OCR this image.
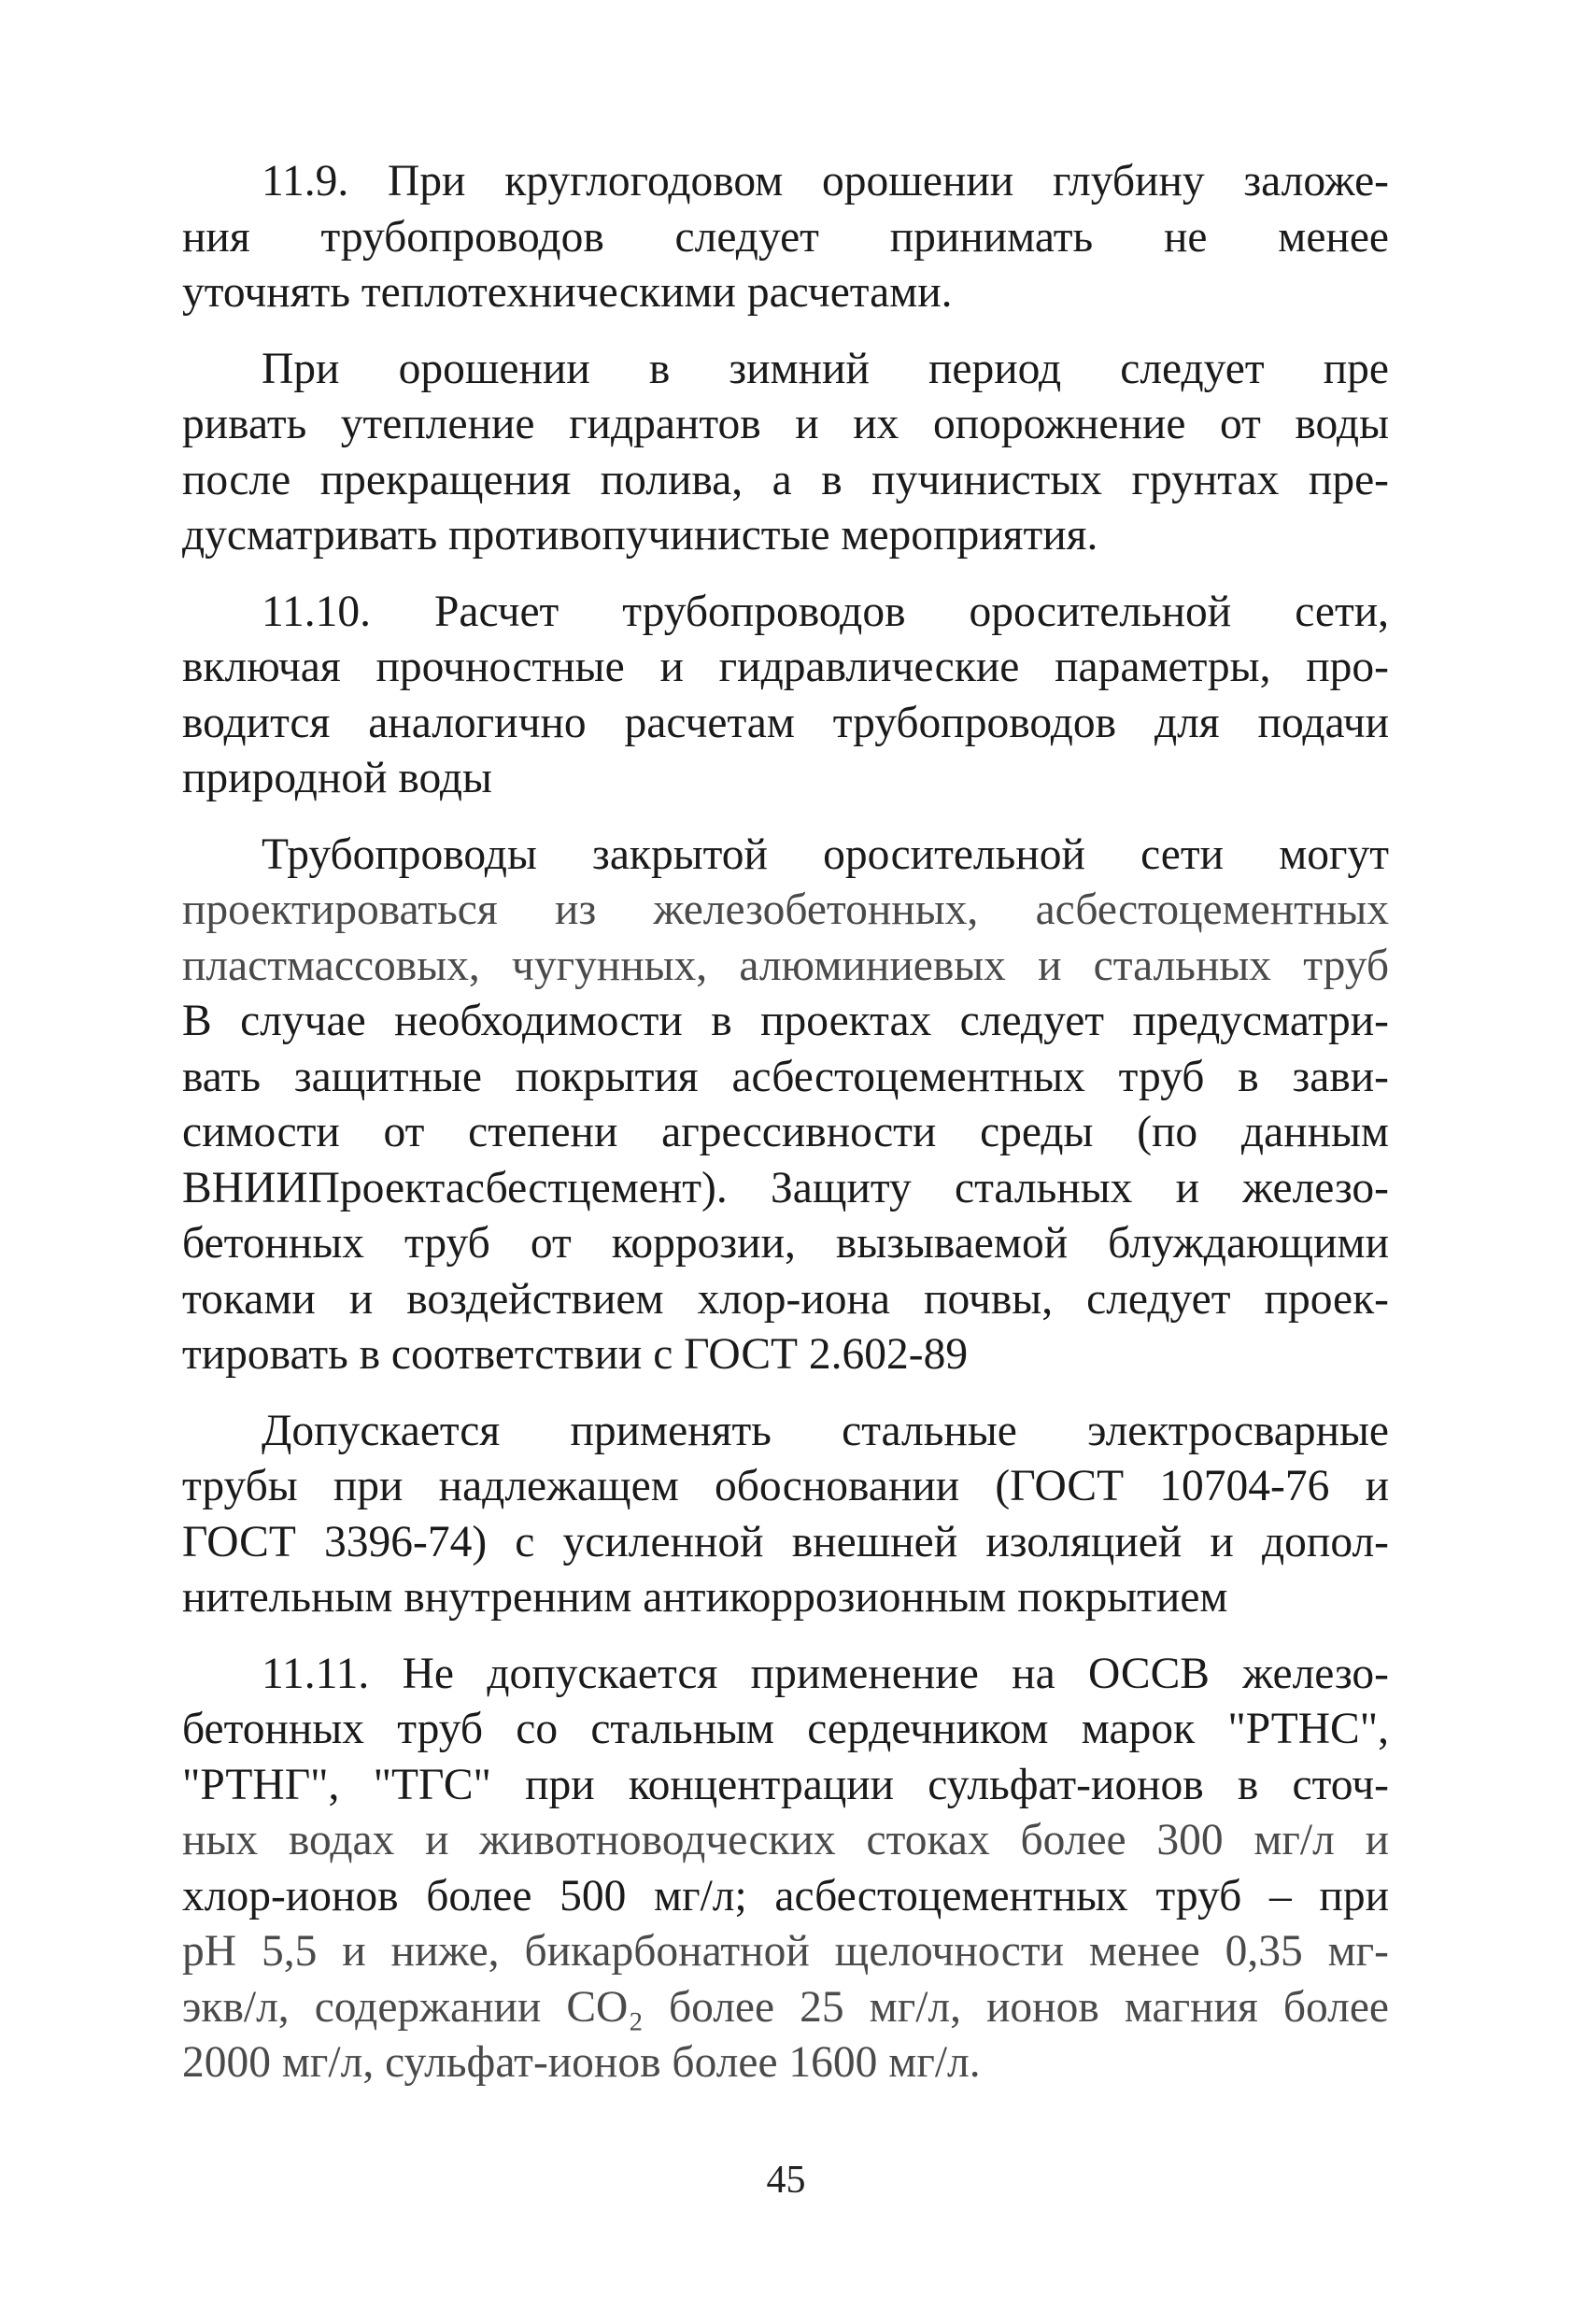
11.9. При круглогодовом орошении глубину заложе-
ния трубопроводов следует принимать не менее
уточнять теплотехническими расчетами.

При орошении в зимний период следует пре
ривать утепление гидрантов и их опорожнение от воды
после прекращения полива, а в пучинистых грунтах пре-
дусматривать противопучинистые мероприятия.

11.10. Расчет трубопроводов оросительной сети,
включая прочностные и гидравлические параметры, про-
водится аналогично расчетам трубопроводов для подачи
природной воды

Трубопроводы закрытой оросительной сети могут
проектироваться из железобетонных, асбестоцементных
пластмассовых, чугунных, алюминиевых и стальных труб
В случае необходимости в проектах следует предусматри-
вать защитные покрытия асбестоцементных труб в зави-
симости от степени агрессивности среды (по данным
ВНИИПроектасбестцемент). Защиту стальных и железо-
бетонных труб от коррозии, вызываемой блуждающими
токами и воздействием хлор-иона почвы, следует проек-
тировать в соответствии с ГОСТ 2.602-89

Допускается применять стальные электросварные
трубы при надлежащем обосновании (ГОСТ 10704-76 и
ГОСТ 3396-74) с усиленной внешней изоляцией и допол-
нительным внутренним антикоррозионным покрытием

11.11. Не допускается применение на ОССВ железо-
бетонных труб со стальным сердечником марок "РТНС",
"РТНГ", "ТГС" при концентрации сульфат-ионов в сточ-
ных водах и животноводческих стоках более 300 мг/л и
хлор-ионов более 500 мг/л; асбестоцементных труб – при
рН 5,5 и ниже, бикарбонатной щелочности менее 0,35 мг-
экв/л, содержании CO₂ более 25 мг/л, ионов магния более
2000 мг/л, сульфат-ионов более 1600 мг/л.

45
